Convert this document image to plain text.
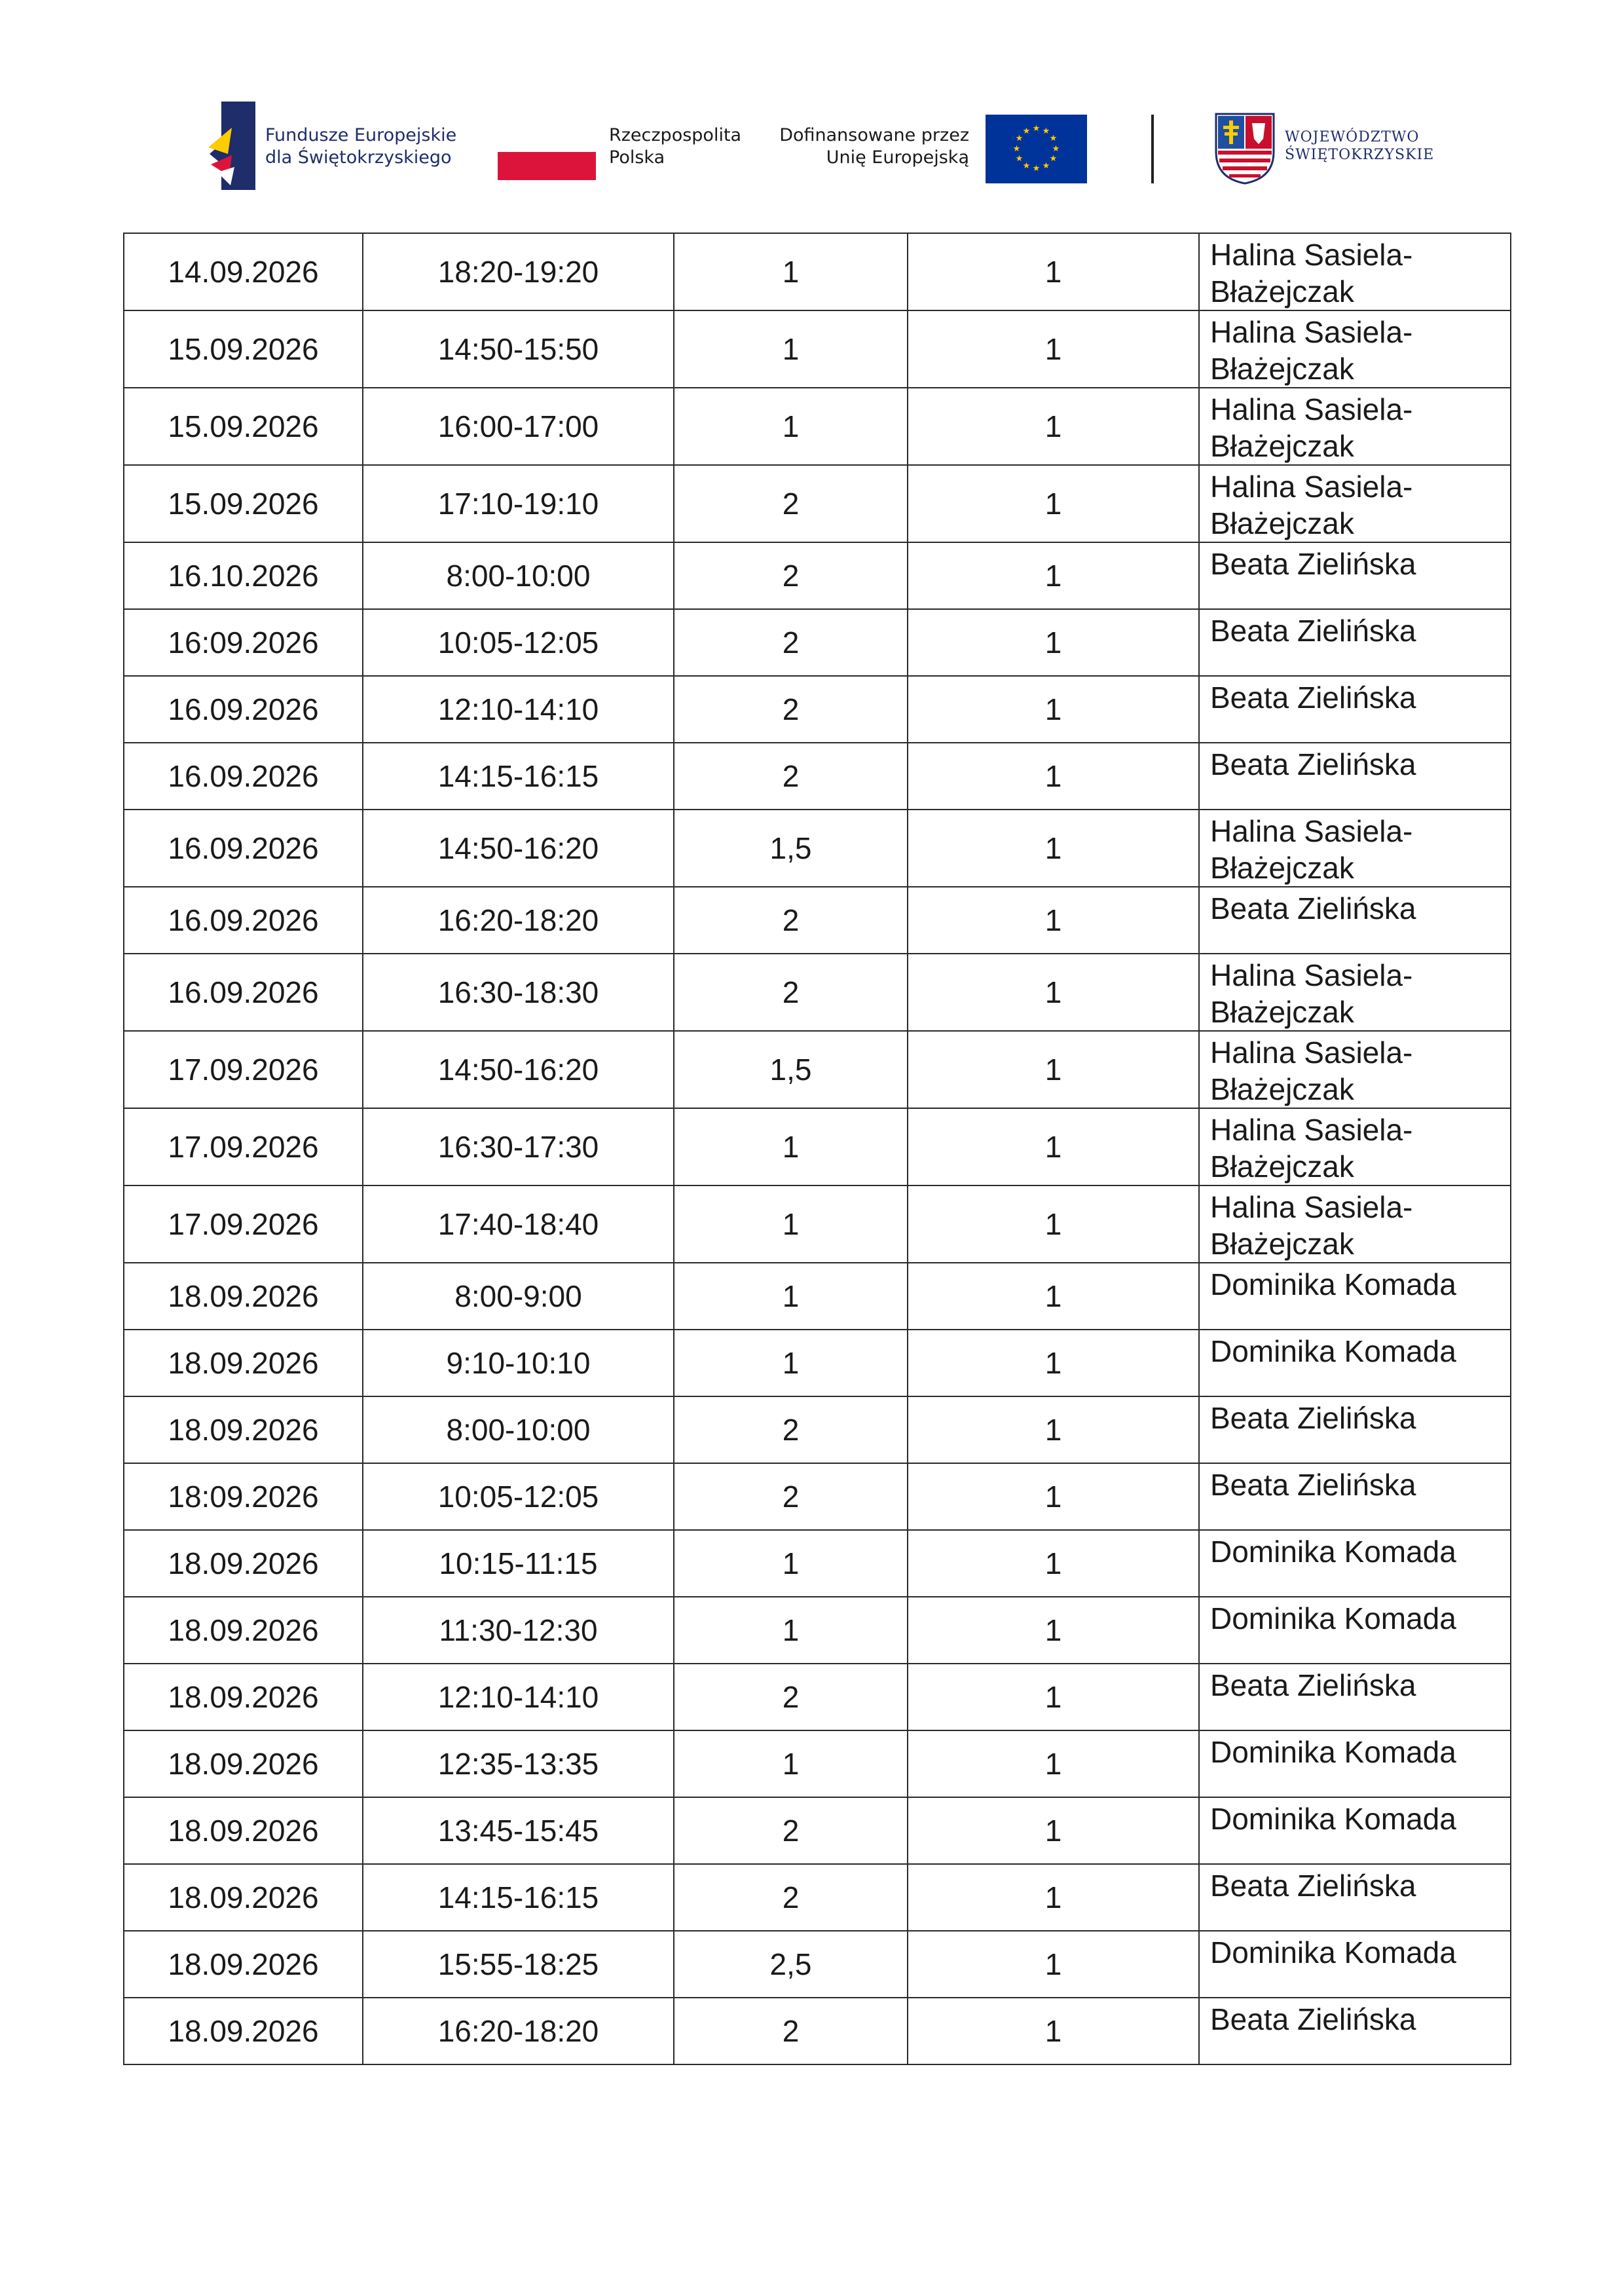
Fundusze Europejskie
dla Świętokrzyskiego
Rzeczpospolita
Polska
Dofinansowane przez
Unię Europejską
★ ★
★
★
★
★
★
★
★
★
★
★	WOJEWÓDZTWO
ŚWIĘTOKRZYSKIE
14.09.2026	18:20-19:20	1	1	Halina Sasiela-
Błażejczak

15.09.2026	14:50-15:50	1	1	Halina Sasiela-
Błażejczak

15.09.2026	16:00-17:00	1	1	Halina Sasiela-
Błażejczak

15.09.2026	17:10-19:10	2	1	Halina Sasiela-
Błażejczak

16.10.2026	8:00-10:00	2	1	Beata Zielińska

16:09.2026	10:05-12:05	2	1	Beata Zielińska

16.09.2026	12:10-14:10	2	1	Beata Zielińska

16.09.2026	14:15-16:15	2	1	Beata Zielińska

16.09.2026	14:50-16:20	1,5	1	Halina Sasiela-
Błażejczak

16.09.2026	16:20-18:20	2	1	Beata Zielińska

16.09.2026	16:30-18:30	2	1	Halina Sasiela-
Błażejczak

17.09.2026	14:50-16:20	1,5	1	Halina Sasiela-
Błażejczak

17.09.2026	16:30-17:30	1	1	Halina Sasiela-
Błażejczak

17.09.2026	17:40-18:40	1	1	Halina Sasiela-
Błażejczak

18.09.2026	8:00-9:00	1	1	Dominika Komada

18.09.2026	9:10-10:10	1	1	Dominika Komada

18.09.2026	8:00-10:00	2	1	Beata Zielińska

18:09.2026	10:05-12:05	2	1	Beata Zielińska

18.09.2026	10:15-11:15	1	1	Dominika Komada

18.09.2026	11:30-12:30	1	1	Dominika Komada

18.09.2026	12:10-14:10	2	1	Beata Zielińska

18.09.2026	12:35-13:35	1	1	Dominika Komada

18.09.2026	13:45-15:45	2	1	Dominika Komada

18.09.2026	14:15-16:15	2	1	Beata Zielińska

18.09.2026	15:55-18:25	2,5	1	Dominika Komada

18.09.2026	16:20-18:20	2	1	Beata Zielińska
